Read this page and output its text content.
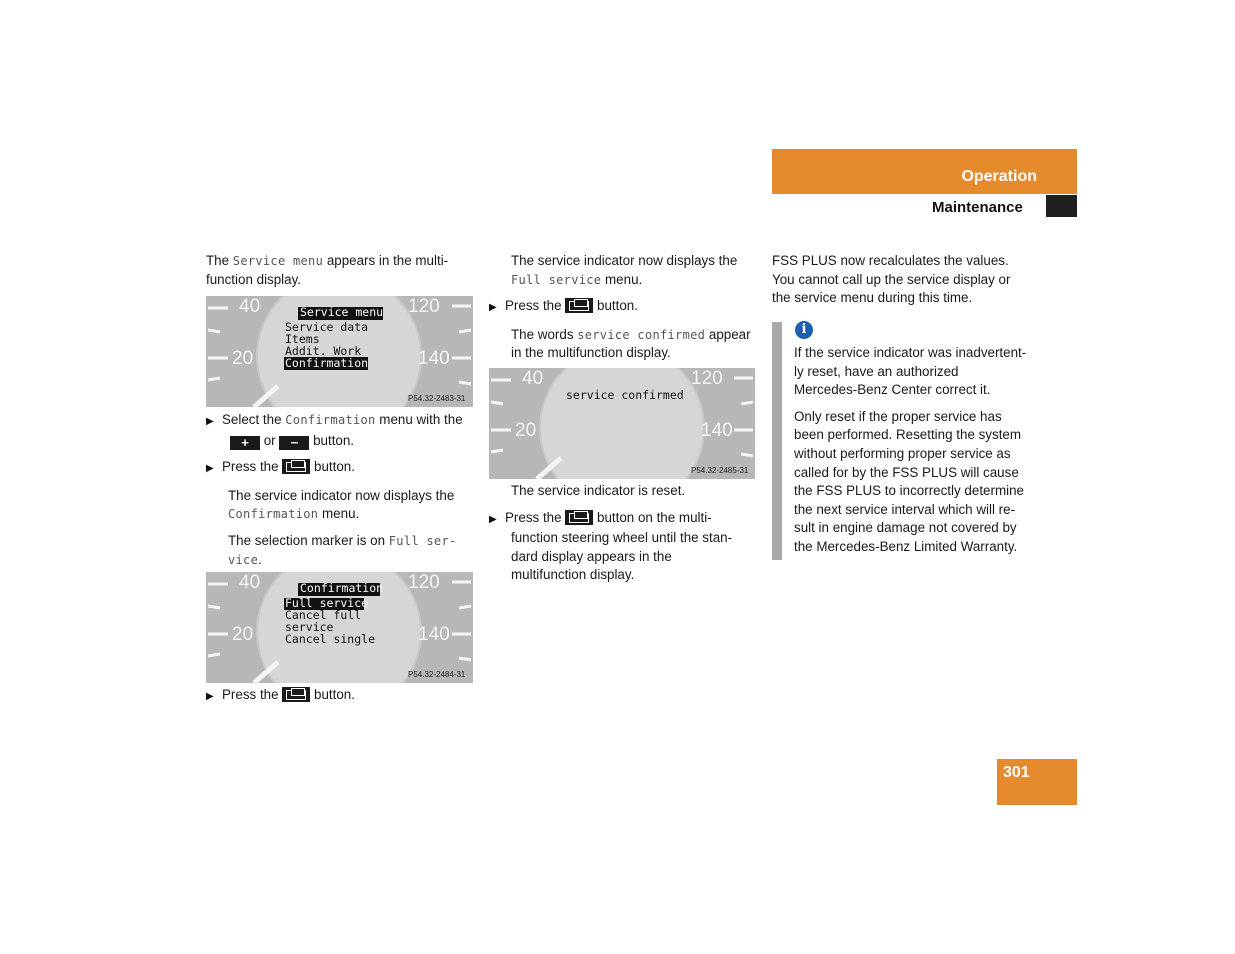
Operation
Maintenance

The Service menu appears in the multi-
function display.

40
20
120
140
Service menu
Service data
Items
Addit. Work
Confirmation
P54.32-2483-31

▶ Select the Confirmation menu with the
+ or − button.

▶ Press the
button.

The service indicator now displays the
Confirmation menu.

The selection marker is on Full ser-
vice.

40
20
120
140
Confirmation
Full service
Cancel full
service
Cancel single
P54.32-2484-31

▶ Press the
button.

The service indicator now displays the
Full service menu.

▶ Press the
button.

The words service confirmed appear
in the multifunction display.

40
20
120
140
service confirmed
P54.32-2485-31

The service indicator is reset.

▶ Press the
button on the multi-
function steering wheel until the stan-
dard display appears in the
multifunction display.

FSS PLUS now recalculates the values.
You cannot call up the service display or
the service menu during this time.

i

If the service indicator was inadvertent-
ly reset, have an authorized
Mercedes-Benz Center correct it.

Only reset if the proper service has
been performed. Resetting the system
without performing proper service as
called for by the FSS PLUS will cause
the FSS PLUS to incorrectly determine
the next service interval which will re-
sult in engine damage not covered by
the Mercedes-Benz Limited Warranty.

301
